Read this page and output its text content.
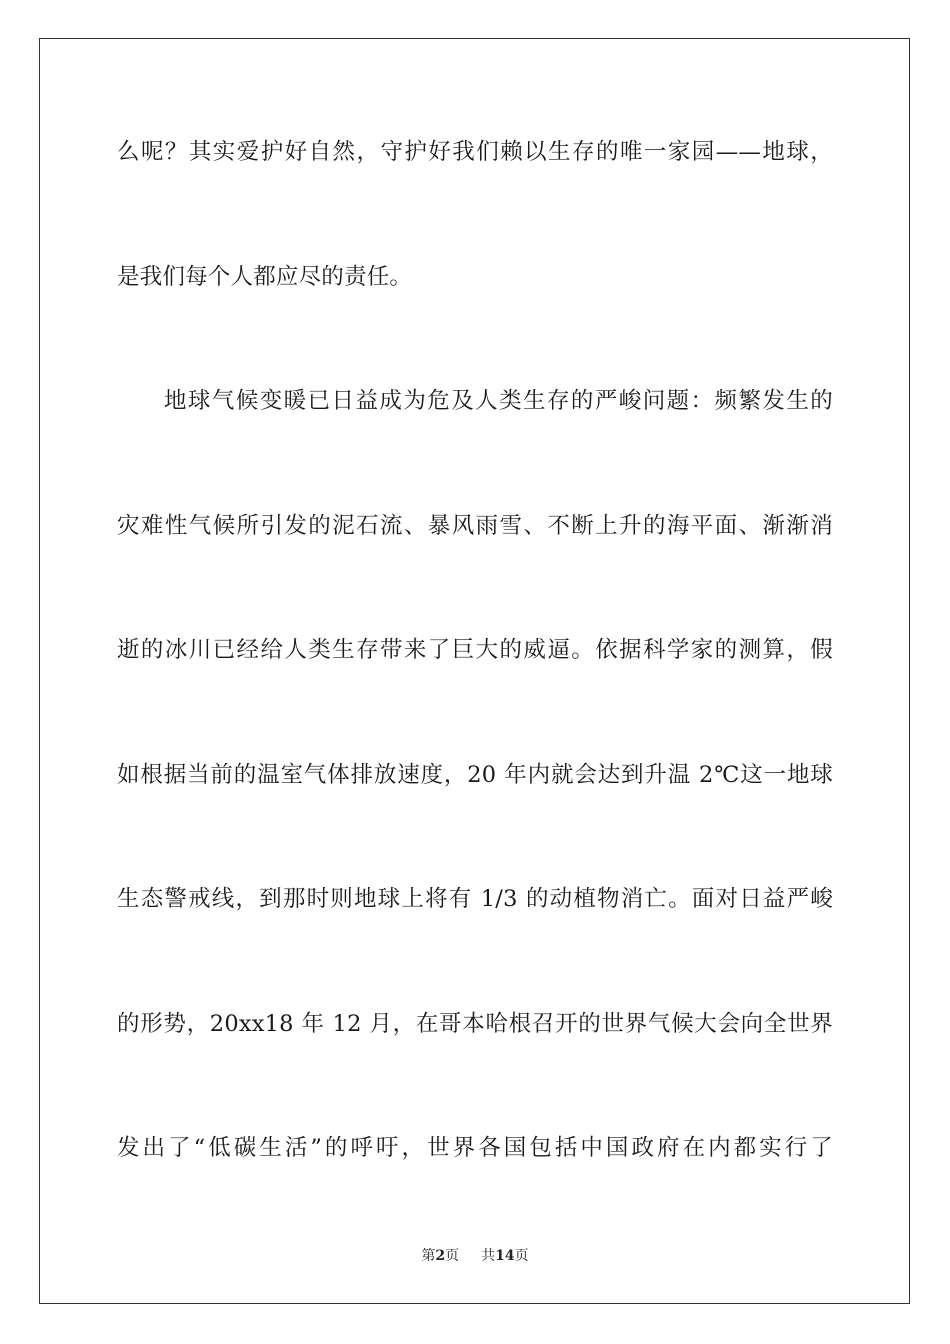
么呢？其实爱护好自然，守护好我们赖以生存的唯一家园——地球，
是我们每个人都应尽的责任。
地球气候变暖已日益成为危及人类生存的严峻问题：频繁发生的
灾难性气候所引发的泥石流、暴风雨雪、不断上升的海平面、渐渐消
逝的冰川已经给人类生存带来了巨大的威逼。依据科学家的测算，假
如根据当前的温室气体排放速度，20 年内就会达到升温 2℃这一地球
生态警戒线，到那时则地球上将有 1/3 的动植物消亡。面对日益严峻
的形势，20xx18 年 12 月，在哥本哈根召开的世界气候大会向全世界
发出了“低碳生活”的呼吁，世界各国包括中国政府在内都实行了
第2页 共14页
